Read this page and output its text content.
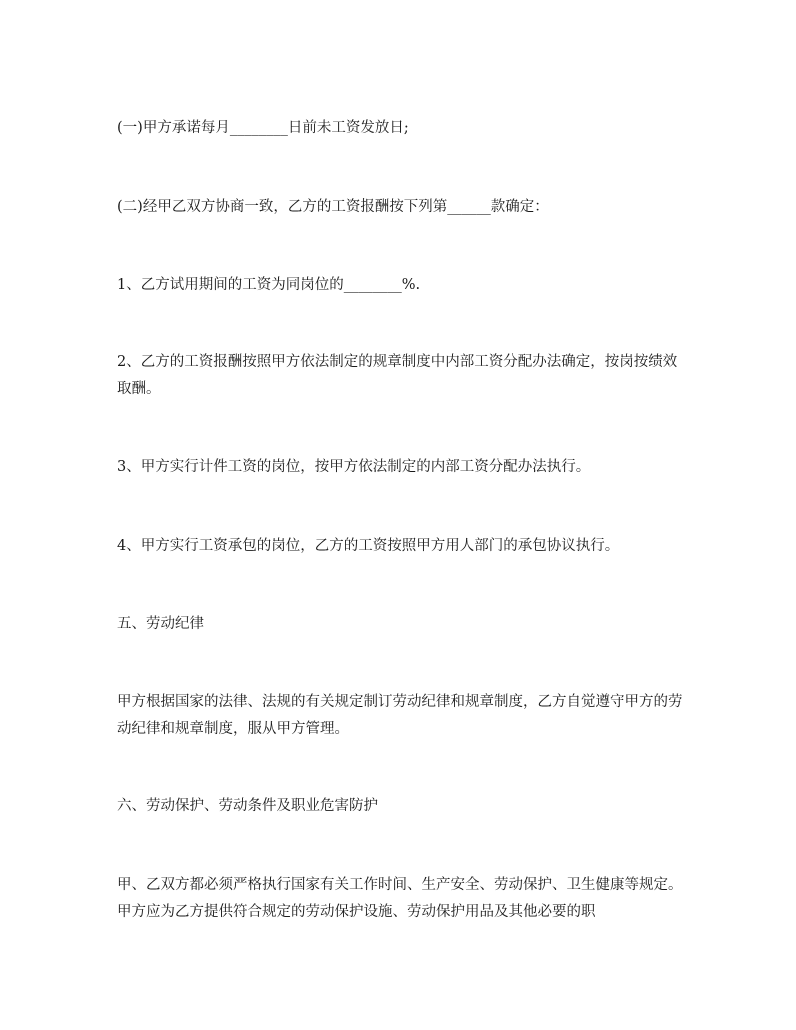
(一)甲方承诺每月________日前未工资发放日;

(二)经甲乙双方协商一致，乙方的工资报酬按下列第______款确定：

1、乙方试用期间的工资为同岗位的________%.

2、乙方的工资报酬按照甲方依法制定的规章制度中内部工资分配办法确定，按岗按绩效取酬。

3、甲方实行计件工资的岗位，按甲方依法制定的内部工资分配办法执行。

4、甲方实行工资承包的岗位，乙方的工资按照甲方用人部门的承包协议执行。

五、劳动纪律

甲方根据国家的法律、法规的有关规定制订劳动纪律和规章制度，乙方自觉遵守甲方的劳动纪律和规章制度，服从甲方管理。

六、劳动保护、劳动条件及职业危害防护

甲、乙双方都必须严格执行国家有关工作时间、生产安全、劳动保护、卫生健康等规定。甲方应为乙方提供符合规定的劳动保护设施、劳动保护用品及其他必要的职
